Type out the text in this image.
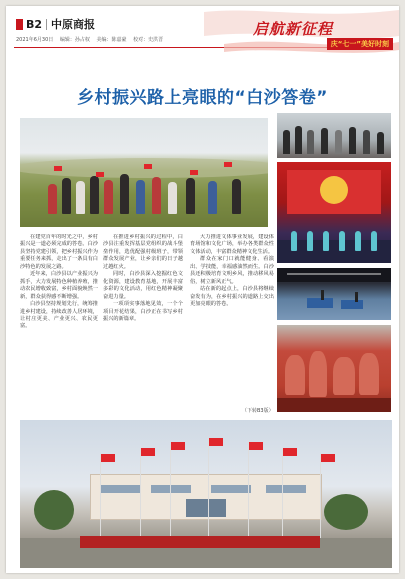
B2 中原商报
2021年6月30日 编辑：孙占权 美编：陈嘉豪 校对：史洪晋
启航新征程
庆“七一”美好时刻
乡村振兴路上亮眼的“白沙答卷”

在建党百年的时光之中，乡村振兴是一道必须完成的答卷。白沙县坚持党建引领，把乡村振兴作为重要任务来抓，走出了一条具有白沙特色的发展之路。

近年来，白沙县以产业振兴为抓手，大力发展特色种植养殖，推动农民增收致富，乡村面貌焕然一新，群众获得感不断增强。

白沙县坚持规划先行，统筹推进乡村建设，持续改善人居环境，让村庄更美、产业更兴、农民更富。

在推进乡村振兴的过程中，白沙县注重发挥基层党组织的战斗堡垒作用，选优配强村级班子，带领群众发展产业，让乡亲们的日子越过越红火。

同时，白沙县深入挖掘红色文化资源，建设教育基地，开展丰富多彩的文化活动，用红色精神凝聚奋进力量。

一项项实事落地见效，一个个项目开花结果，白沙正在书写乡村振兴的新篇章。

大力推进文体事业发展，建设体育场馆和文化广场，举办各类群众性文体活动，丰富群众精神文化生活。

群众在家门口就能健身、看演出、学技能，幸福感油然而生。白沙县还积极培育文明乡风，推动移风易俗，树立新风正气。

站在新的起点上，白沙县将继续奋发有为，在乡村振兴的道路上交出更加亮眼的答卷。

（下转B3版）
